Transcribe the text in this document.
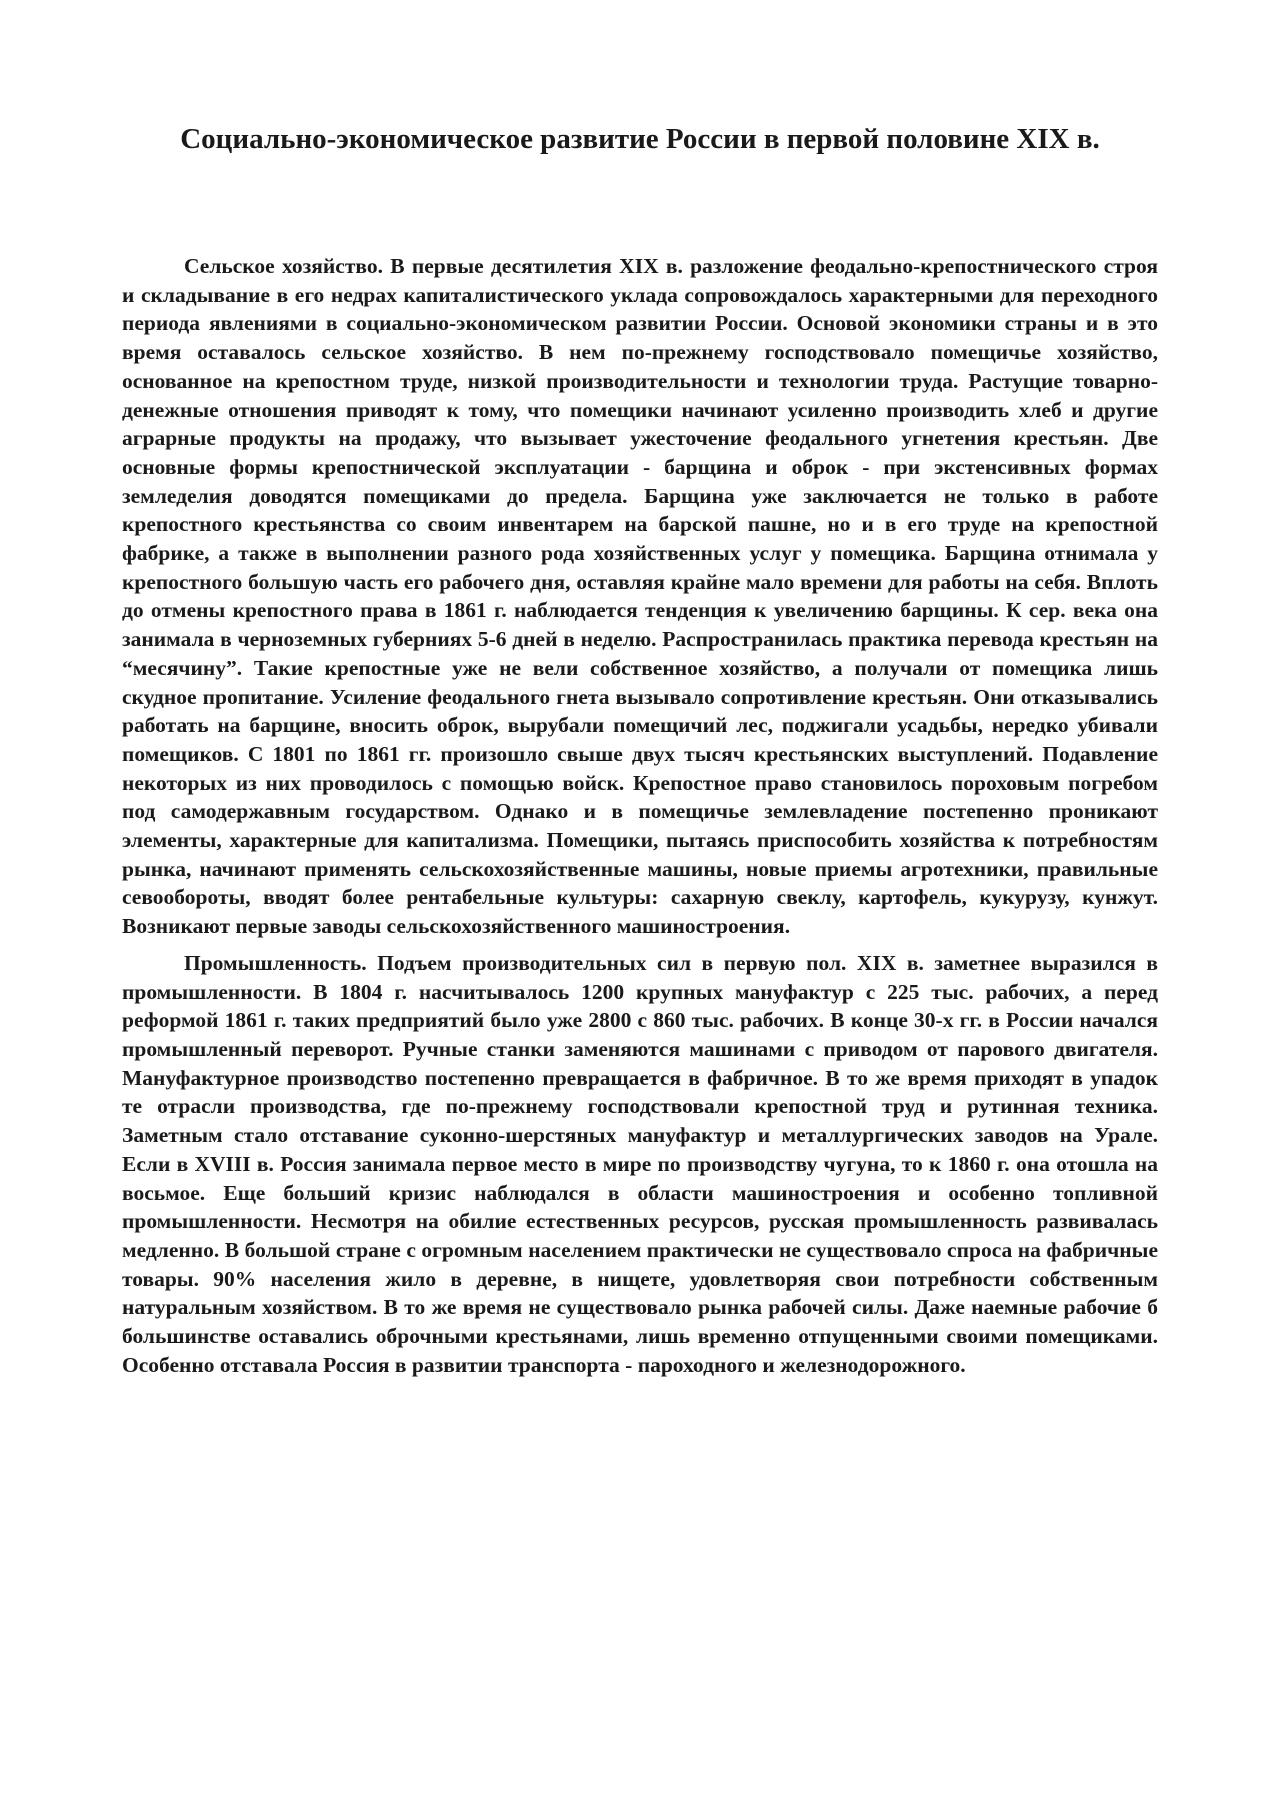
Социально-экономическое развитие России в первой половине XIX в.

Сельское хозяйство. В первые десятилетия XIX в. разложение феодально-крепостнического строя и складывание в его недрах капиталистического уклада сопровождалось характерными для переходного периода явлениями в социально-экономическом развитии России. Основой экономики страны и в это время оставалось сельское хозяйство. В нем по-прежнему господствовало помещичье хозяйство, основанное на крепостном труде, низкой производительности и технологии труда. Растущие товарно-денежные отношения приводят к тому, что помещики начинают усиленно производить хлеб и другие аграрные продукты на продажу, что вызывает ужесточение феодального угнетения крестьян. Две основные формы крепостнической эксплуатации - барщина и оброк - при экстенсивных формах земледелия доводятся помещиками до предела. Барщина уже заключается не только в работе крепостного крестьянства со своим инвентарем на барской пашне, но и в его труде на крепостной фабрике, а также в выполнении разного рода хозяйственных услуг у помещика. Барщина отнимала у крепостного большую часть его рабочего дня, оставляя крайне мало времени для работы на себя. Вплоть до отмены крепостного права в 1861 г. наблюдается тенденция к увеличению барщины. К сер. века она занимала в черноземных губерниях 5-6 дней в неделю. Распространилась практика перевода крестьян на “месячину”. Такие крепостные уже не вели собственное хозяйство, а получали от помещика лишь скудное пропитание. Усиление феодального гнета вызывало сопротивление крестьян. Они отказывались работать на барщине, вносить оброк, вырубали помещичий лес, поджигали усадьбы, нередко убивали помещиков. С 1801 по 1861 гг. произошло свыше двух тысяч крестьянских выступлений. Подавление некоторых из них проводилось с помощью войск. Крепостное право становилось пороховым погребом под самодержавным государством. Однако и в помещичье землевладение постепенно проникают элементы, характерные для капитализма. Помещики, пытаясь приспособить хозяйства к потребностям рынка, начинают применять сельскохозяйственные машины, новые приемы агротехники, правильные севообороты, вводят более рентабельные культуры: сахарную свеклу, картофель, кукурузу, кунжут. Возникают первые заводы сельскохозяйственного машиностроения.

Промышленность. Подъем производительных сил в первую пол. XIX в. заметнее выразился в промышленности. В 1804 г. насчитывалось 1200 крупных мануфактур с 225 тыс. рабочих, а перед реформой 1861 г. таких предприятий было уже 2800 с 860 тыс. рабочих. В конце 30-х гг. в России начался промышленный переворот. Ручные станки заменяются машинами с приводом от парового двигателя. Мануфактурное производство постепенно превращается в фабричное. В то же время приходят в упадок те отрасли производства, где по-прежнему господствовали крепостной труд и рутинная техника. Заметным стало отставание суконно-шерстяных мануфактур и металлургических заводов на Урале. Если в XVIII в. Россия занимала первое место в мире по производству чугуна, то к 1860 г. она отошла на восьмое. Еще больший кризис наблюдался в области машиностроения и особенно топливной промышленности. Несмотря на обилие естественных ресурсов, русская промышленность развивалась медленно. В большой стране с огромным населением практически не существовало спроса на фабричные товары. 90% населения жило в деревне, в нищете, удовлетворяя свои потребности собственным натуральным хозяйством. В то же время не существовало рынка рабочей силы. Даже наемные рабочие б большинстве оставались оброчными крестьянами, лишь временно отпущенными своими помещиками. Особенно отставала Россия в развитии транспорта - пароходного и железнодорожного.
